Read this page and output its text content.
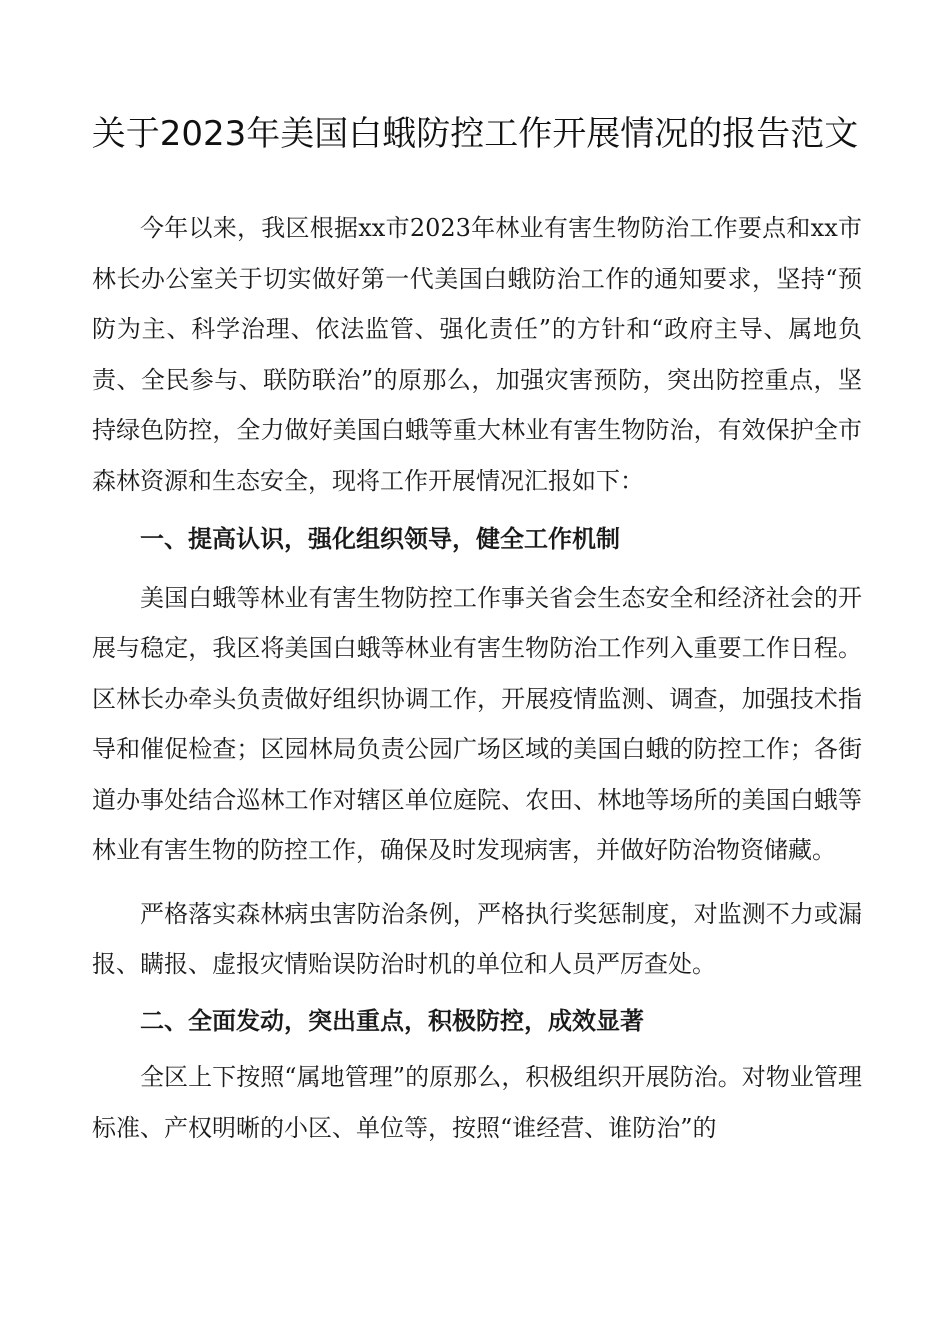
关于2023年美国白蛾防控工作开展情况的报告范文

今年以来，我区根据xx市2023年林业有害生物防治工作要点和xx市林长办公室关于切实做好第一代美国白蛾防治工作的通知要求，坚持“预防为主、科学治理、依法监管、强化责任”的方针和“政府主导、属地负责、全民参与、联防联治”的原那么，加强灾害预防，突出防控重点，坚持绿色防控，全力做好美国白蛾等重大林业有害生物防治，有效保护全市森林资源和生态安全，现将工作开展情况汇报如下：

一、提高认识，强化组织领导，健全工作机制

美国白蛾等林业有害生物防控工作事关省会生态安全和经济社会的开展与稳定，我区将美国白蛾等林业有害生物防治工作列入重要工作日程。区林长办牵头负责做好组织协调工作，开展疫情监测、调查，加强技术指导和催促检查；区园林局负责公园广场区域的美国白蛾的防控工作；各街道办事处结合巡林工作对辖区单位庭院、农田、林地等场所的美国白蛾等林业有害生物的防控工作，确保及时发现病害，并做好防治物资储藏。

严格落实森林病虫害防治条例，严格执行奖惩制度，对监测不力或漏报、瞒报、虚报灾情贻误防治时机的单位和人员严厉查处。

二、全面发动，突出重点，积极防控，成效显著

全区上下按照“属地管理”的原那么，积极组织开展防治。对物业管理标准、产权明晰的小区、单位等，按照“谁经营、谁防治”的
